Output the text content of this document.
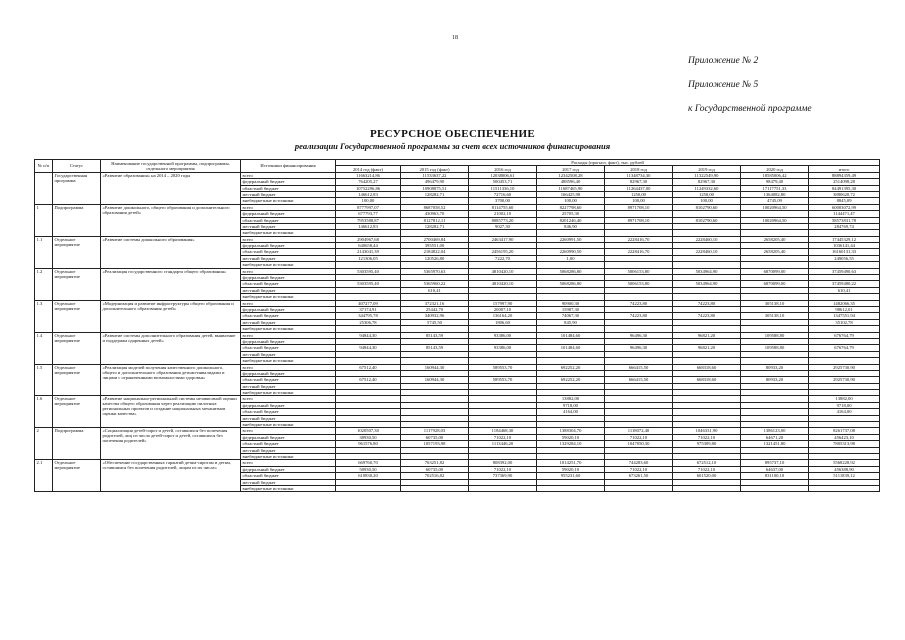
18
Приложение № 2
Приложение № 5
к Государственной программе
РЕСУРСНОЕ ОБЕСПЕЧЕНИЕ
реализации Государственной программы за счет всех источников финансирования
№ п/п	Статус	Наименование государственной программы, подпрограммы, отдельного мероприятия	Источники финансирования	Расходы (прогноз, факт), тыс. рублей							
				2014 год (факт)	2015 год (факт)	2016 год	2017 год	2018 год	2019 год	2020 год	итого
	Государственная программа	«Развитие образования» на 2014 – 2020 годы	всего	11663214,86	11533637,22	12038006,61	12342508,28	11348734,30	11322549,90	18585006,42	88894359,49
			федеральный бюджет	764205,27	496479,90	500453,71	488596,40	82967,30	82967,30	98479,40	2514098,28
			областной бюджет	10752296,86	10908875,51	11511336,10	11687465,90	11264437,00	11249332,60	17117751,33	84491395,30
			местный бюджет	146612,83	128282,71	72716,60	166425,98	1250,00	1250,00	1364082,80	3880620,72
			внебюджетные источники	100,00		3700,00	100,00	100,00	100,00	4745,09	8845,09
1	Подпрограмма	«Развитие дошкольного, общего образования и дополнительного образования детей»	всего	8777997,07	8687058,52	8114755,60	8227798,60	8971708,10	8102790,60	10020964,50	60003072,99
			федеральный бюджет	677793,77	430963,70	21002,10	25705,30				1144471,47
			областной бюджет	7953588,87	8127812,11	8085773,20	8201246,40	8971708,10	8102790,60	10020964,50	58573831,78
			местный бюджет	146612,83	128282,71	9027,30	846,90				284769,74
			внебюджетные источники								
1.1	Отдельное мероприятие	«Развитие системы дошкольного образования»	всего	2904967,68	2700469,84	2463417,90	2260991,50	2228416,70	2228460,10	2658205,40	17445329,12
			федеральный бюджет	640658,44	395551,00						1036141,44
			областной бюджет	2143041,39	2184822,04	2456195,20	2260990,50	2228416,70	2228460,10	2658205,40	16160131,33
			местный бюджет	121306,05	120526,80	7222,70	1,00				249056,55
			внебюджетные источники								
1.2	Отдельное мероприятие	«Реализация государственного стандарта общего образования»	всего	5303595,40	5365970,63	4810420,10	5068286,80	5006153,80	5034964,90	6870099,00	37459490,63
			федеральный бюджет								
			областной бюджет	5303595,40	5365960,22	4810420,10	5068286,80	5006153,80	5034964,90	6870099,00	37459480,22
			местный бюджет		610,41						610,41
			внебюджетные источники								
1.3	Отдельное мероприятие	«Модернизация и развитие инфраструктуры общего образования и дополнительного образования детей»	всего	407277,09	372321,16	157997,90	90900,30	74223,80	74223,80	305138,10	1482066,35
			федеральный бюджет	37174,91	25442,70	20007,10	15987,30				98612,01
			областной бюджет	344795,78	340932,96	136164,20	74067,30	74223,80	74223,80	305138,10	1347551,94
			местный бюджет	25306,78	5745,50	1806,60	845,90				35102,78
			внебюджетные источники								
1.4	Отдельное мероприятие	«Развитие системы дополнительного образования детей, выявление и поддержка одаренных детей»	всего	94844,30	85143,59	93386,00	101484,60	96496,30	96821,20	109588,80	676764,79
			федеральный бюджет								
			областной бюджет	94844,30	85143,59	93386,00	101484,60	96496,30	96821,20	109588,80	676764,79
			местный бюджет								
			внебюджетные источники								
1.5	Отдельное мероприятие	«Реализация моделей получения качественного дошкольного, общего и дополнительного образования детьми-инвалидами и лицами с ограниченными возможностями здоровья»	всего	67512,40	160944,30	589553,70	692252,20	666415,50	668318,60	80933,20	2925730,90
			федеральный бюджет								
			областной бюджет	67512,40	160944,30	589553,70	692252,20	666415,50	668318,60	80933,20	2925730,90
			местный бюджет								
			внебюджетные источники								
1.6	Отдельное мероприятие	«Развитие национально-региональной системы независимой оценки качества общего образования через реализацию пилотных региональных проектов и создание национальных механизмов оценки качества»	всего				13882,00				13882,00
			федеральный бюджет				9718,00				9718,00
			областной бюджет				4164,00				4164,00
			местный бюджет								
			внебюджетные источники								
2	Подпрограмма	«Социализация детей-сирот и детей, оставшихся без попечения родителей, лиц из числа детей-сирот и детей, оставшихся без попечения родителей»	всего	1020507,30	1117928,03	1184468,30	1388304,70	1118072,40	1046331,90	1386123,00	8261737,08
			федеральный бюджет	38930,50	60735,00	71022,10	59020,10	71022,10	71022,10	64671,20	456423,10
			областной бюджет	961576,80	1057193,98	1113446,20	1329284,10	1047050,30	975309,80	1321451,80	7805313,98
			местный бюджет								
			внебюджетные источники								
2.1	Отдельное мероприятие	«Обеспечение государственных гарантий детям-сиротам и детям, оставшимся без попечения родителей, лицам из их числа»	всего	669760,70	763251,82	808392,00	1014251,70	744283,60	672512,10	895737,10	5568228,92
			федеральный бюджет	58930,50	60735,00	71022,10	59020,10	71022,10	71022,10	64637,00	456388,90
			областной бюджет	610830,20	702516,82	737369,90	955231,60	673261,50	601520,00	831100,10	5111839,12
			местный бюджет								
			внебюджетные источники								
